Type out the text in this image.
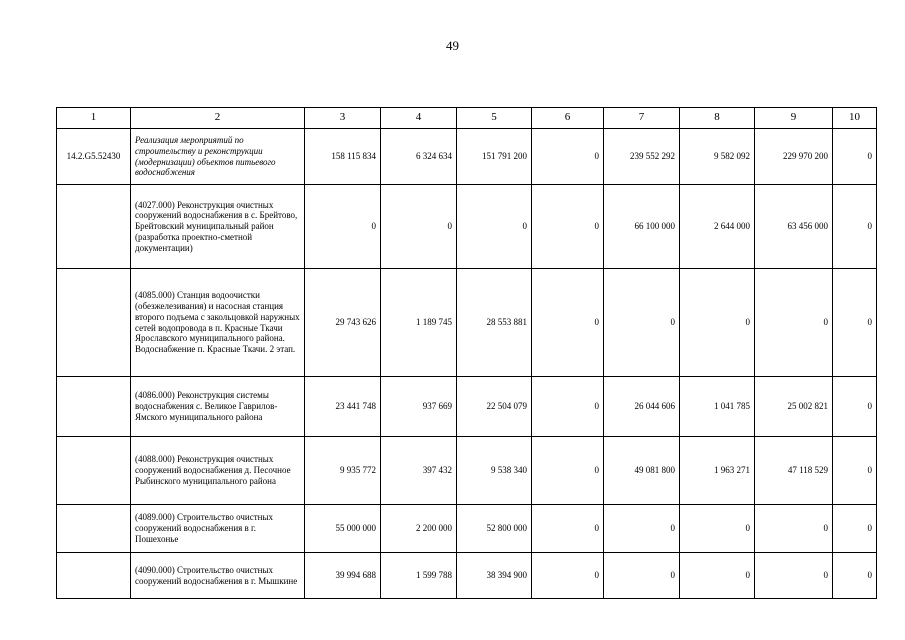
49
1	2	3	4	5	6	7	8	9	10
14.2.G5.52430	Реализация мероприятий по строительству и реконструкции (модернизации) объектов питьевого водоснабжения	158 115 834	6 324 634	151 791 200	0	239 552 292	9 582 092	229 970 200	0
	(4027.000) Реконструкция очистных сооружений водоснабжения в с. Брейтово, Брейтовский муниципальный район (разработка проектно-сметной документации)	0	0	0	0	66 100 000	2 644 000	63 456 000	0
	(4085.000) Станция водоочистки (обезжелезивания) и насосная станция второго подъема с закольцовкой наружных сетей водопровода в п. Красные Ткачи Ярославского муниципального района. Водоснабжение п. Красные Ткачи. 2 этап.	29 743 626	1 189 745	28 553 881	0	0	0	0	0
	(4086.000) Реконструкция системы водоснабжения с. Великое Гаврилов-Ямского муниципального района	23 441 748	937 669	22 504 079	0	26 044 606	1 041 785	25 002 821	0
	(4088.000) Реконструкция очистных сооружений водоснабжения д. Песочное Рыбинского муниципального района	9 935 772	397 432	9 538 340	0	49 081 800	1 963 271	47 118 529	0
	(4089.000) Строительство очистных сооружений водоснабжения в г. Пошехонье	55 000 000	2 200 000	52 800 000	0	0	0	0	0
	(4090.000) Строительство очистных сооружений водоснабжения в г. Мышкине	39 994 688	1 599 788	38 394 900	0	0	0	0	0
